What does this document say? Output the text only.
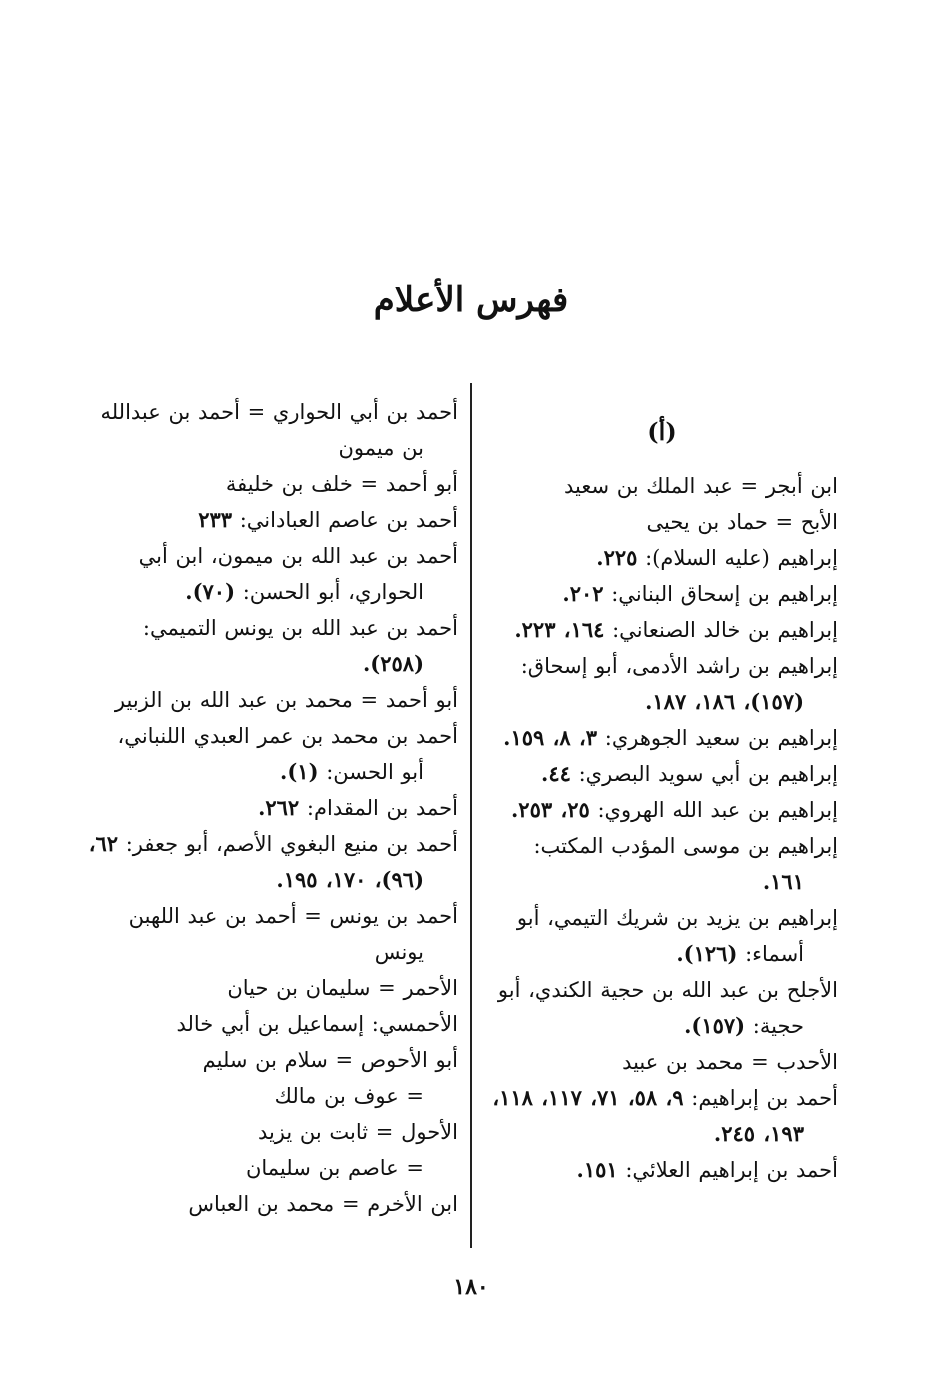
فهرس الأعلام

(أ)

ابن أبجر = عبد الملك بن سعيد

الأبح = حماد بن يحيى

إبراهيم (عليه السلام): ٢٢٥.

إبراهيم بن إسحاق البناني: ٢٠٢.

إبراهيم بن خالد الصنعاني: ١٦٤، ٢٢٣.

إبراهيم بن راشد الأدمى، أبو إسحاق: (١٥٧)، ١٨٦، ١٨٧.

إبراهيم بن سعيد الجوهري: ٣، ٨، ١٥٩.

إبراهيم بن أبي سويد البصري: ٤٤.

إبراهيم بن عبد الله الهروي: ٢٥، ٢٥٣.

إبراهيم بن موسى المؤدب المكتب: ١٦١.

إبراهيم بن يزيد بن شريك التيمي، أبو أسماء: (١٢٦).

الأجلح بن عبد الله بن حجية الكندي، أبو حجية: (١٥٧).

الأحدب = محمد بن عبيد

أحمد بن إبراهيم: ٩، ٥٨، ٧١، ١١٧، ١١٨، ١٩٣، ٢٤٥.

أحمد بن إبراهيم العلائي: ١٥١.

أحمد بن أبي الحواري = أحمد بن عبدالله بن ميمون

أبو أحمد = خلف بن خليفة

أحمد بن عاصم العباداني: ٢٣٣

أحمد بن عبد الله بن ميمون، ابن أبي الحواري، أبو الحسن: (٧٠).

أحمد بن عبد الله بن يونس التميمي: (٢٥٨).

أبو أحمد = محمد بن عبد الله بن الزبير

أحمد بن محمد بن عمر العبدي اللنباني، أبو الحسن: (١).

أحمد بن المقدام: ٢٦٢.

أحمد بن منيع البغوي الأصم، أبو جعفر: ٦٢، (٩٦)، ١٧٠، ١٩٥.

أحمد بن يونس = أحمد بن عبد اللهبن يونس

الأحمر = سليمان بن حيان

الأحمسي: إسماعيل بن أبي خالد

أبو الأحوص = سلام بن سليم

= عوف بن مالك

الأحول = ثابت بن يزيد

= عاصم بن سليمان

ابن الأخرم = محمد بن العباس

١٨٠
